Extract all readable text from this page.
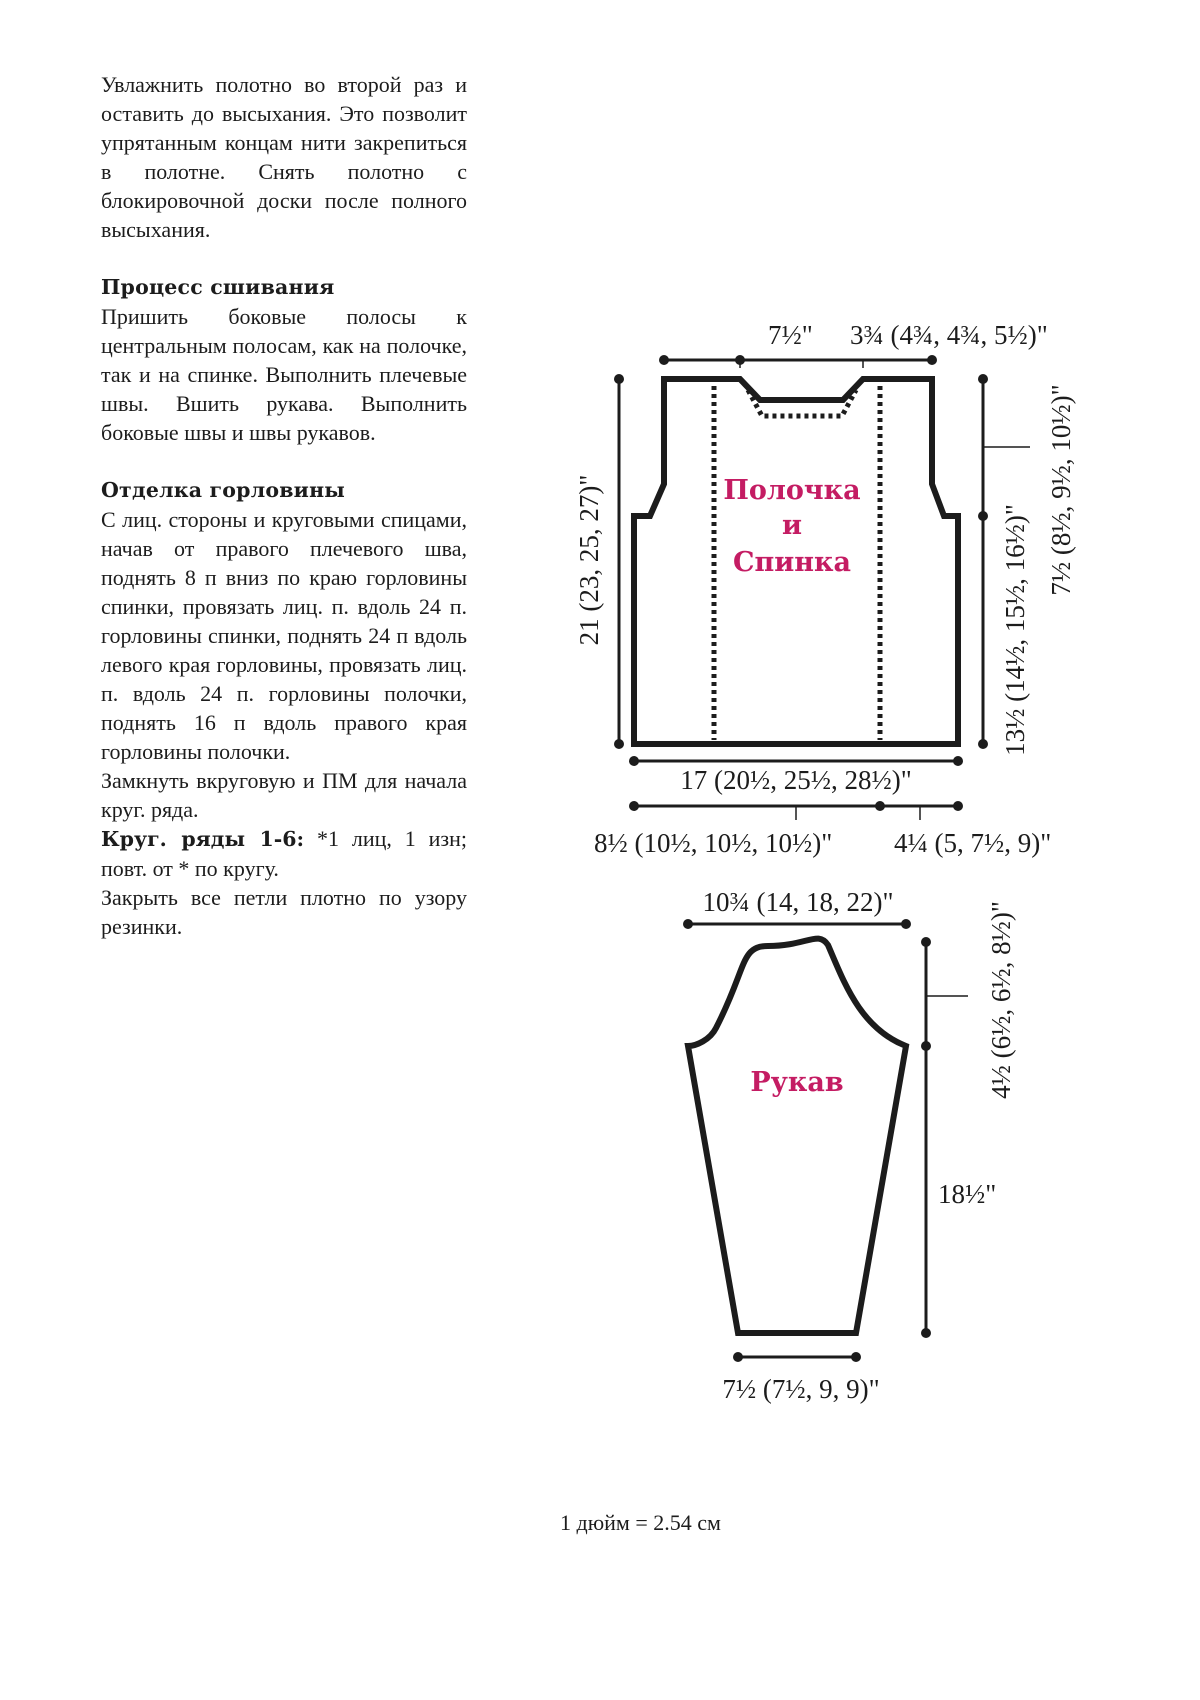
Увлажнить полотно во второй раз и оставить до высыхания. Это позволит упрятанным концам нити закрепиться в полотне. Снять полотно с блокировочной доски после полного высыхания.

Процесс сшивания

Пришить боковые полосы к центральным полосам, как на полочке, так и на спинке. Выполнить плечевые швы. Вшить рукава. Выполнить боковые швы и швы рукавов.

Отделка горловины

С лиц. стороны и круговыми спицами, начав от правого плечевого шва, поднять 8 п вниз по краю горловины спинки, провязать лиц. п. вдоль 24 п. горловины спинки, поднять 24 п вдоль левого края горловины, провязать лиц. п. вдоль 24 п. горловины полочки, поднять 16 п вдоль правого края горловины полочки.

Замкнуть вкруговую и ПМ для начала круг. ряда.

Круг. ряды 1-6: *1 лиц, 1 изн; повт. от * по кругу.

Закрыть все петли плотно по узору резинки.

Полочка
и
Спинка
7½" 3¾ (4¾, 4¾, 5½)"
21 (23, 25, 27)"	7½ (8½, 9½, 10½)"
13½ (14½, 15½, 16½)"
17 (20½, 25½, 28½)"
8½ (10½, 10½, 10½)" 4¼ (5, 7½, 9)"
Рукав
10¾ (14, 18, 22)"	4½ (6½, 6½, 8½)"
18½"
7½ (7½, 9, 9)"
1 дюйм = 2.54 см
